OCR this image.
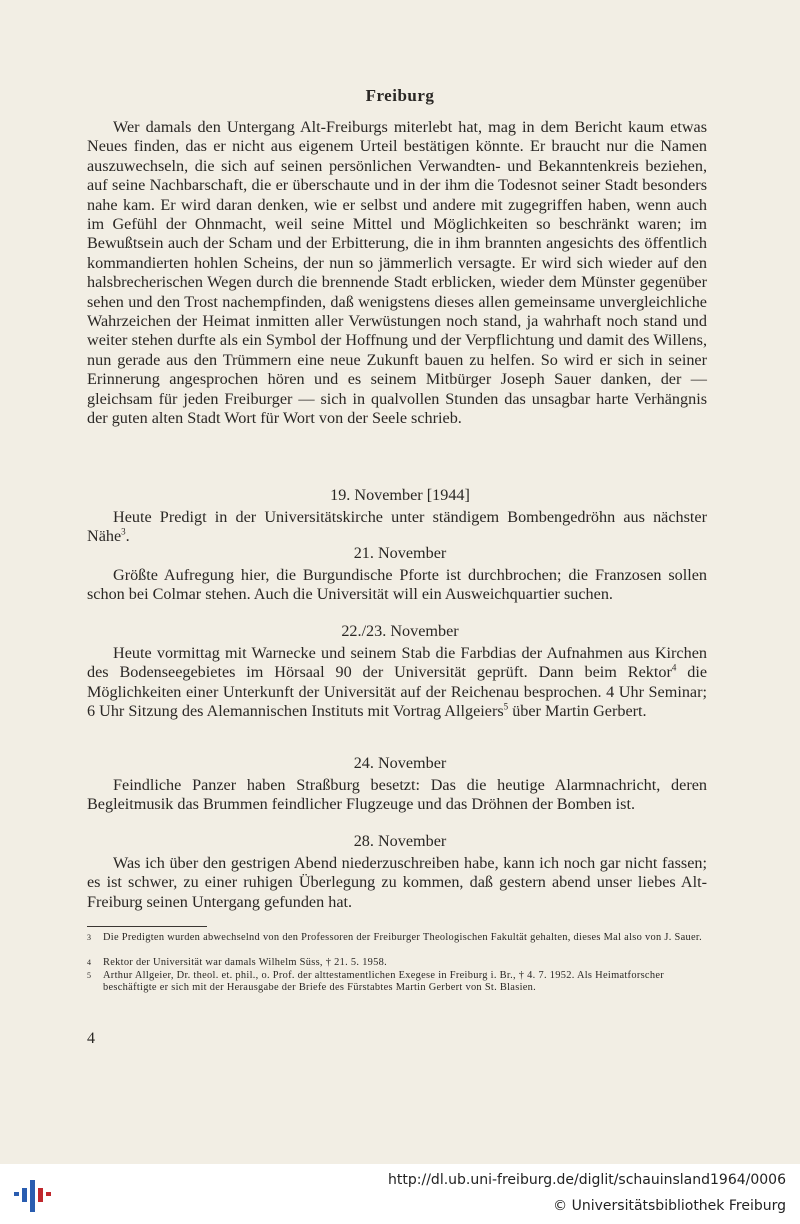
Freiburg

Wer damals den Untergang Alt-Freiburgs miterlebt hat, mag in dem Bericht kaum etwas Neues finden, das er nicht aus eigenem Urteil bestätigen könnte. Er braucht nur die Namen auszuwechseln, die sich auf seinen persönlichen Verwandten- und Bekanntenkreis beziehen, auf seine Nachbarschaft, die er überschaute und in der ihm die Todesnot seiner Stadt besonders nahe kam. Er wird daran denken, wie er selbst und andere mit zugegriffen haben, wenn auch im Gefühl der Ohnmacht, weil seine Mittel und Möglichkeiten so beschränkt waren; im Bewußtsein auch der Scham und der Erbitterung, die in ihm brannten angesichts des öffentlich kommandierten hohlen Scheins, der nun so jämmerlich versagte. Er wird sich wieder auf den halsbrecherischen Wegen durch die brennende Stadt erblicken, wieder dem Münster gegenüber sehen und den Trost nachempfinden, daß wenigstens dieses allen gemeinsame unvergleichliche Wahrzeichen der Heimat inmitten aller Verwüstungen noch stand, ja wahrhaft noch stand und weiter stehen durfte als ein Symbol der Hoffnung und der Verpflichtung und damit des Willens, nun gerade aus den Trümmern eine neue Zukunft bauen zu helfen. So wird er sich in seiner Erinnerung angesprochen hören und es seinem Mitbürger Joseph Sauer danken, der — gleichsam für jeden Freiburger — sich in qualvollen Stunden das unsagbar harte Verhängnis der guten alten Stadt Wort für Wort von der Seele schrieb.

19. November [1944]

Heute Predigt in der Universitätskirche unter ständigem Bombengedröhn aus nächster Nähe$^3$.

21. November

Größte Aufregung hier, die Burgundische Pforte ist durchbrochen; die Franzosen sollen schon bei Colmar stehen. Auch die Universität will ein Ausweichquartier suchen.

22./23. November

Heute vormittag mit Warnecke und seinem Stab die Farbdias der Aufnahmen aus Kirchen des Bodenseegebietes im Hörsaal 90 der Universität geprüft. Dann beim Rektor$^4$ die Möglichkeiten einer Unterkunft der Universität auf der Reichenau besprochen. 4 Uhr Seminar; 6 Uhr Sitzung des Alemannischen Instituts mit Vortrag Allgeiers$^5$ über Martin Gerbert.

24. November

Feindliche Panzer haben Straßburg besetzt: Das die heutige Alarmnachricht, deren Begleitmusik das Brummen feindlicher Flugzeuge und das Dröhnen der Bomben ist.

28. November

Was ich über den gestrigen Abend niederzuschreiben habe, kann ich noch gar nicht fassen; es ist schwer, zu einer ruhigen Überlegung zu kommen, daß gestern abend unser liebes Alt-Freiburg seinen Untergang gefunden hat.

3 Die Predigten wurden abwechselnd von den Professoren der Freiburger Theologischen Fakultät gehalten, dieses Mal also von J. Sauer.
4 Rektor der Universität war damals Wilhelm Süss, † 21. 5. 1958.
5 Arthur Allgeier, Dr. theol. et. phil., o. Prof. der alttestamentlichen Exegese in Freiburg i. Br., † 4. 7. 1952. Als Heimatforscher beschäftigte er sich mit der Herausgabe der Briefe des Fürstabtes Martin Gerbert von St. Blasien.
4
http://dl.ub.uni-freiburg.de/diglit/schauinsland1964/0006
© Universitätsbibliothek Freiburg
